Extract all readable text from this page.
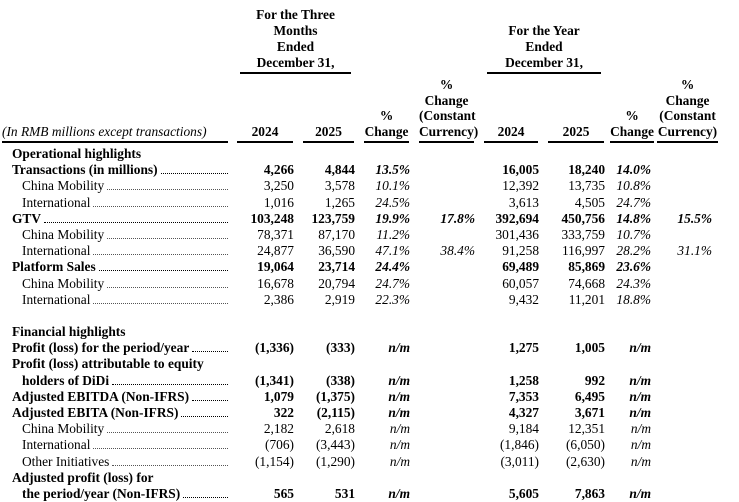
For the Three
Months
Ended
December 31,

For the Year
Ended
December 31,

(In RMB millions except transactions)	2024	2025

%
Change

%
Change
(Constant
Currency)	2024	2025

%
Change

%
Change
(Constant
Currency)

Operational highlights								

Transactions (in millions)	4,266	4,844	13.5%		16,005	18,240	14.0%	

China Mobility	3,250	3,578	10.1%		12,392	13,735	10.8%	

International	1,016	1,265	24.5%		3,613	4,505	24.7%	

GTV	103,248	123,759	19.9%	17.8%	392,694	450,756	14.8%	15.5%

China Mobility	78,371	87,170	11.2%		301,436	333,759	10.7%	

International	24,877	36,590	47.1%	38.4%	91,258	116,997	28.2%	31.1%

Platform Sales	19,064	23,714	24.4%		69,489	85,869	23.6%	

China Mobility	16,678	20,794	24.7%		60,057	74,668	24.3%	

International	2,386	2,919	22.3%		9,432	11,201	18.8%	

Financial highlights								

Profit (loss) for the period/year	(1,336)	(333)	n/m		1,275	1,005	n/m	

Profit (loss) attributable to equity
holders of DiDi	(1,341)	(338)	n/m		1,258	992	n/m	

Adjusted EBITDA (Non-IFRS)	1,079	(1,375)	n/m		7,353	6,495	n/m	

Adjusted EBITA (Non-IFRS)	322	(2,115)	n/m		4,327	3,671	n/m	

China Mobility	2,182	2,618	n/m		9,184	12,351	n/m	

International	(706)	(3,443)	n/m		(1,846)	(6,050)	n/m	

Other Initiatives	(1,154)	(1,290)	n/m		(3,011)	(2,630)	n/m	

Adjusted profit (loss) for
the period/year (Non-IFRS)	565	531	n/m		5,605	7,863	n/m	
